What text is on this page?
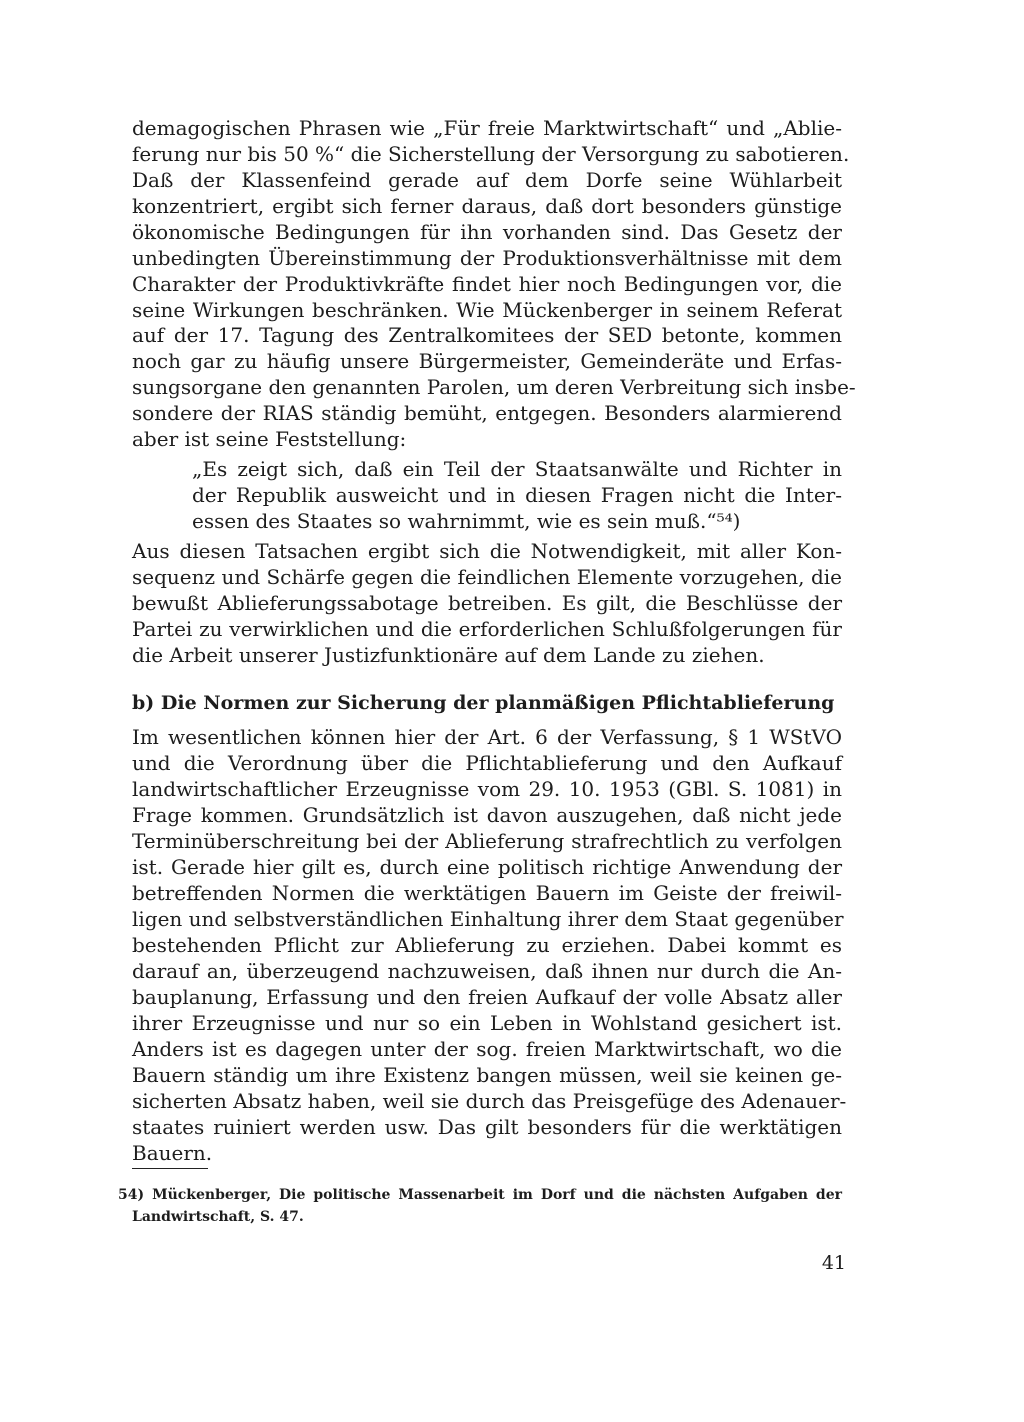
demagogischen Phrasen wie „Für freie Marktwirtschaft“ und „Ablie-

ferung nur bis 50 %“ die Sicherstellung der Versorgung zu sabotieren.

Daß der Klassenfeind gerade auf dem Dorfe seine Wühlarbeit

konzentriert, ergibt sich ferner daraus, daß dort besonders günstige

ökonomische Bedingungen für ihn vorhanden sind. Das Gesetz der

unbedingten Übereinstimmung der Produktionsverhältnisse mit dem

Charakter der Produktivkräfte findet hier noch Bedingungen vor, die

seine Wirkungen beschränken. Wie Mückenberger in seinem Referat

auf der 17. Tagung des Zentralkomitees der SED betonte, kommen

noch gar zu häufig unsere Bürgermeister, Gemeinderäte und Erfas-

sungsorgane den genannten Parolen, um deren Verbreitung sich insbe-

sondere der RIAS ständig bemüht, entgegen. Besonders alarmierend

aber ist seine Feststellung:

„Es zeigt sich, daß ein Teil der Staatsanwälte und Richter in

der Republik ausweicht und in diesen Fragen nicht die Inter-

essen des Staates so wahrnimmt, wie es sein muß.“⁵⁴)

Aus diesen Tatsachen ergibt sich die Notwendigkeit, mit aller Kon-

sequenz und Schärfe gegen die feindlichen Elemente vorzugehen, die

bewußt Ablieferungssabotage betreiben. Es gilt, die Beschlüsse der

Partei zu verwirklichen und die erforderlichen Schlußfolgerungen für

die Arbeit unserer Justizfunktionäre auf dem Lande zu ziehen.

b) Die Normen zur Sicherung der planmäßigen Pflichtablieferung

Im wesentlichen können hier der Art. 6 der Verfassung, § 1 WStVO

und die Verordnung über die Pflichtablieferung und den Aufkauf

landwirtschaftlicher Erzeugnisse vom 29. 10. 1953 (GBl. S. 1081) in

Frage kommen. Grundsätzlich ist davon auszugehen, daß nicht jede

Terminüberschreitung bei der Ablieferung strafrechtlich zu verfolgen

ist. Gerade hier gilt es, durch eine politisch richtige Anwendung der

betreffenden Normen die werktätigen Bauern im Geiste der freiwil-

ligen und selbstverständlichen Einhaltung ihrer dem Staat gegenüber

bestehenden Pflicht zur Ablieferung zu erziehen. Dabei kommt es

darauf an, überzeugend nachzuweisen, daß ihnen nur durch die An-

bauplanung, Erfassung und den freien Aufkauf der volle Absatz aller

ihrer Erzeugnisse und nur so ein Leben in Wohlstand gesichert ist.

Anders ist es dagegen unter der sog. freien Marktwirtschaft, wo die

Bauern ständig um ihre Existenz bangen müssen, weil sie keinen ge-

sicherten Absatz haben, weil sie durch das Preisgefüge des Adenauer-

staates ruiniert werden usw. Das gilt besonders für die werktätigen

Bauern.

54) Mückenberger, Die politische Massenarbeit im Dorf und die nächsten Aufgaben der

Landwirtschaft, S. 47.

41
